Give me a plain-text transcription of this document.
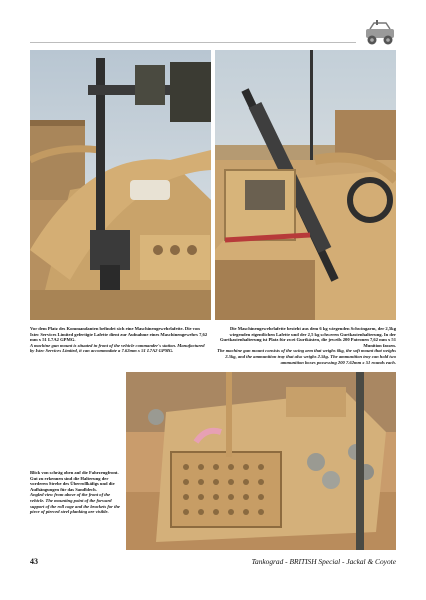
Vor dem Platz des Kommandanten befindet sich eine Maschinengewehrlafette. Die von Istec Services Limited gefertigte Lafette dient zur Aufnahme eines Maschinengewehrs 7,62 mm x 51 L7A2 GPMG.

A machine gun mount is situated in front of the vehicle commander's station. Manufactured by Istec Services Limited, it can accommodate a 7.62mm x 51 L7A2 GPMG.

Die Maschinengewehrlafette besteht aus dem 6 kg wiegenden Schwingarm, der 2,5kg wiegenden eigentlichen Lafette und der 2,5 kg schweren Gurtkastenhalterung. In der Gurtkastenhalterung ist Platz für zwei Gurtkästen, die jeweils 200 Patronen 7,62 mm x 51 Munition fassen.

The machine gun mount consists of the swing arm that weighs 6kg, the soft mount that weighs 2.5kg, and the ammunition tray that also weighs 2.5kg. The ammunition tray can hold two ammunition boxes possessing 200 7.62mm x 51 rounds each.

Blick von schräg oben auf die Fahrzeugfront. Gut zu erkennen sind die Halterung der vorderen Strebe des Überrollkäfigs und die Aufhängungen für das Sandblech.

Angled view from above of the front of the vehicle. The mounting point of the forward support of the roll cage and the brackets for the piece of pierced steel planking are visible.

43	Tankograd - BRITISH Special - Jackal & Coyote
